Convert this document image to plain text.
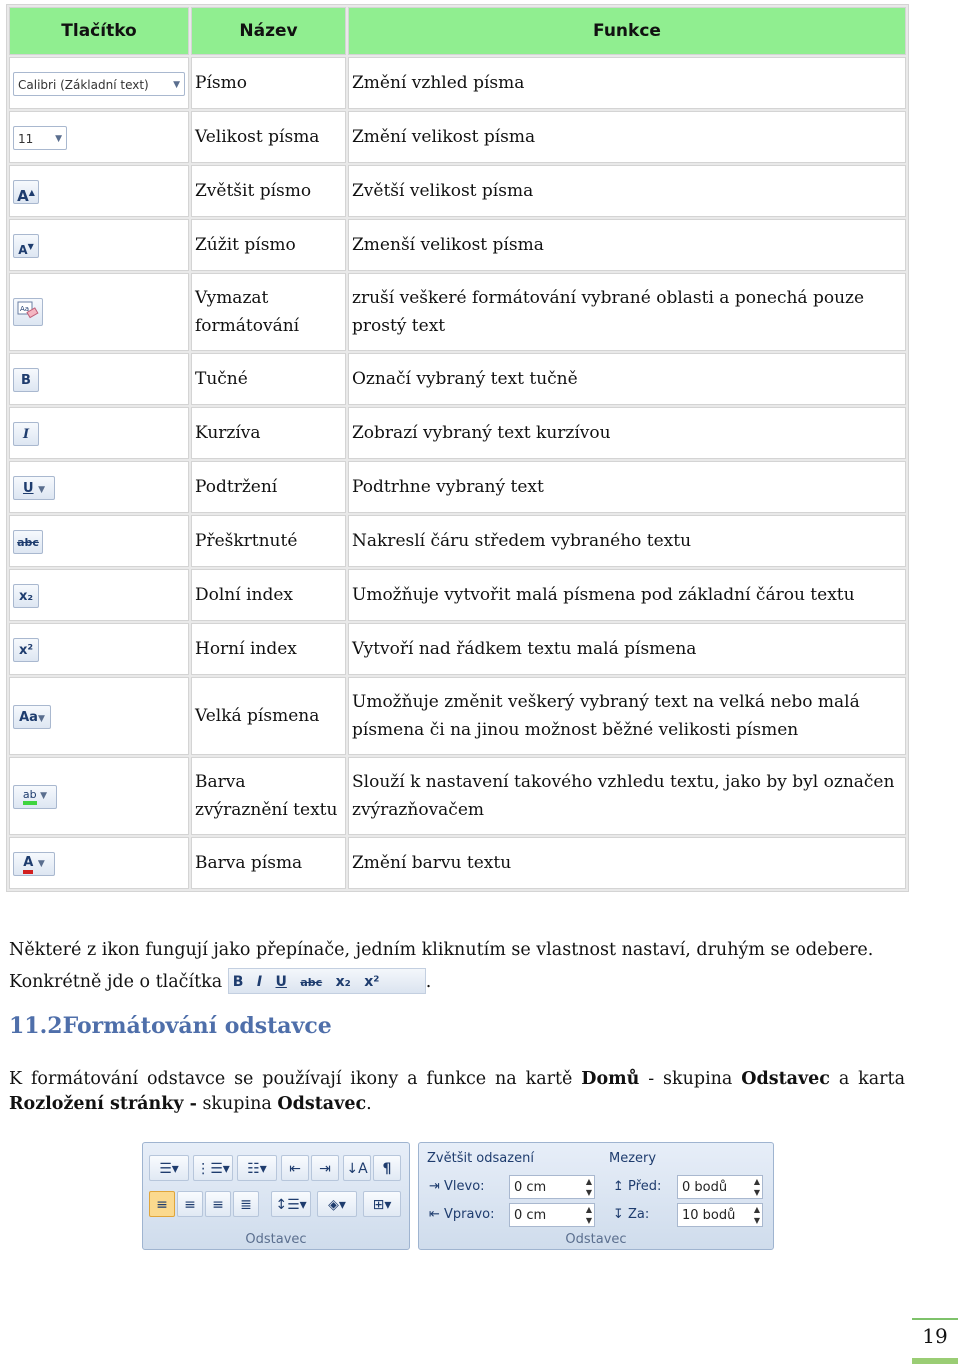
Tlačítko	Název	Funkce
Calibri (Základní text) ▼	Písmo	Změní vzhled písma
11 ▼	Velikost písma	Změní velikost písma
A▲	Zvětšit písmo	Zvětší velikost písma
A▼	Zúžit písmo	Zmenší velikost písma

Aa	Vymazat formátování	zruší veškeré formátování vybrané oblasti a ponechá pouze prostý text
B	Tučné	Označí vybraný text tučně
I	Kurzíva	Zobrazí vybraný text kurzívou
U ▼	Podtržení	Podtrhne vybraný text
abc	Přeškrtnuté	Nakreslí čáru středem vybraného textu
x₂	Dolní index	Umožňuje vytvořit malá písmena pod základní čárou textu
x²	Horní index	Vytvoří nad řádkem textu malá písmena
Aa▼	Velká písmena	Umožňuje změnit veškerý vybraný text na velká nebo malá písmena či na jinou možnost běžné velikosti písmen
ab ▼	Barva zvýraznění textu	Slouží k nastavení takového vzhledu textu, jako by byl označen zvýrazňovačem
A ▼	Barva písma	Změní barvu textu
Některé z ikon fungují jako přepínače, jedním kliknutím se vlastnost nastaví, druhým se odebere.
Konkrétně jde o tlačítka B I U abc x₂ x²	.
11.2Formátování odstavce
K formátování odstavce se používají ikony a funkce na kartě Domů - skupina Odstavec a karta Rozložení stránky - skupina Odstavec.
☰▾	⋮☰▾	☷▾	⇤	⇥	↓A	¶
≡	≡	≡	≣	↕☰▾	◈▾	⊞▾
Odstavec
Zvětšit odsazení
⇥ Vlevo:	0 cm	▲
▼
⇤ Vpravo:	0 cm	▲
▼
Mezery
↥ Před:	0 bodů	▲
▼
↧ Za:	10 bodů ▲
▼
Odstavec
19
